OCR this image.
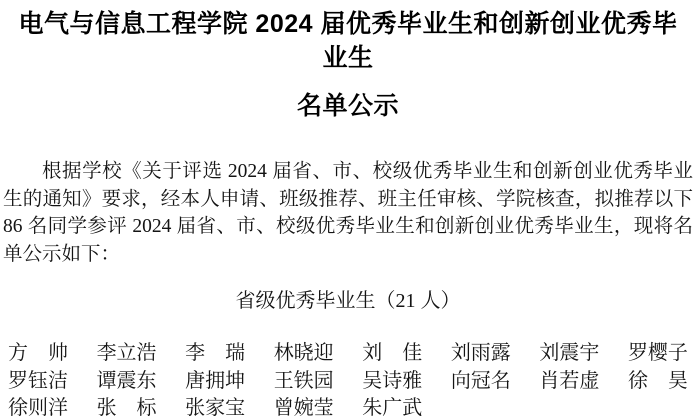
电气与信息工程学院 2024 届优秀毕业生和创新创业优秀毕业生
名单公示

根据学校《关于评选 2024 届省、市、校级优秀毕业生和创新创业优秀毕业生的通知》要求，经本人申请、班级推荐、班主任审核、学院核查，拟推荐以下 86 名同学参评 2024 届省、市、校级优秀毕业生和创新创业优秀毕业生，现将名单公示如下：

省级优秀毕业生（21 人）
方　帅 李立浩 李　瑞 林晓迎 刘　佳 刘雨露 刘震宇 罗樱子
罗钰洁 谭震东 唐拥坤 王铁园 吴诗雅 向冠名 肖若虚 徐　昊
徐则洋 张　标 张家宝 曾婉莹 朱广武
